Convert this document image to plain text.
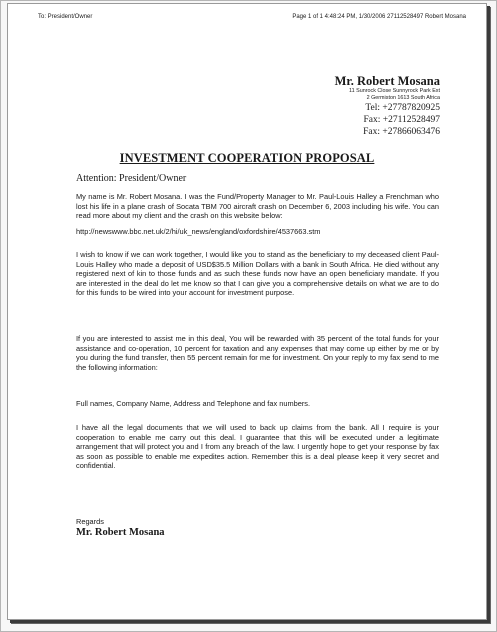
To: President/Owner	Page 1 of 1 4:48:24 PM, 1/30/2006 27112528497 Robert Mosana
Mr. Robert Mosana
11 Sunrock Close Sunnyrock Park Ext
2 Germiston 1613 South Africa
Tel: +27787820925
Fax: +27112528497
Fax: +27866063476
INVESTMENT COOPERATION PROPOSAL
Attention: President/Owner
My name is Mr. Robert Mosana. I was the Fund/Property Manager to Mr. Paul-Louis Halley a Frenchman who lost his life in a plane crash of Socata TBM 700 aircraft crash on December 6, 2003 including his wife. You can read more about my client and the crash on this website below:
http://newswww.bbc.net.uk/2/hi/uk_news/england/oxfordshire/4537663.stm
I wish to know if we can work together, I would like you to stand as the beneficiary to my deceased client Paul-Louis Halley who made a deposit of USD$35.5 Million Dollars with a bank in South Africa. He died without any registered next of kin to those funds and as such these funds now have an open beneficiary mandate. If you are interested in the deal do let me know so that I can give you a comprehensive details on what we are to do for this funds to be wired into your account for investment purpose.
If you are interested to assist me in this deal, You will be rewarded with 35 percent of the total funds for your assistance and co-operation, 10 percent for taxation and any expenses that may come up either by me or by you during the fund transfer, then 55 percent remain for me for investment. On your reply to my fax send to me the following information:
Full names, Company Name, Address and Telephone and fax numbers.
I have all the legal documents that we will used to back up claims from the bank. All I require is your cooperation to enable me carry out this deal. I guarantee that this will be executed under a legitimate arrangement that will protect you and I from any breach of the law. I urgently hope to get your response by fax as soon as possible to enable me expedites action. Remember this is a deal please keep it very secret and confidential.
Regards
Mr. Robert Mosana
